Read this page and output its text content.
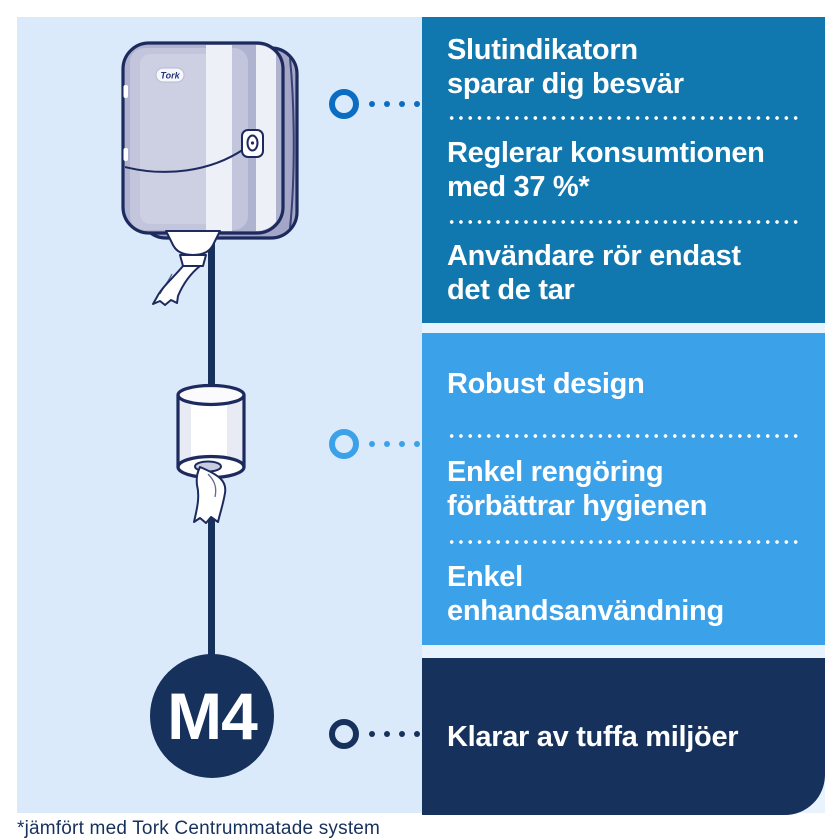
Tork
M4
Slutindikatorn
sparar dig besvär
Reglerar konsumtionen
med 37 %*
Användare rör endast
det de tar
Robust design
Enkel rengöring
förbättrar hygienen
Enkel
enhandsanvändning
Klarar av tuffa miljöer
*jämfört med Tork Centrummatade system
